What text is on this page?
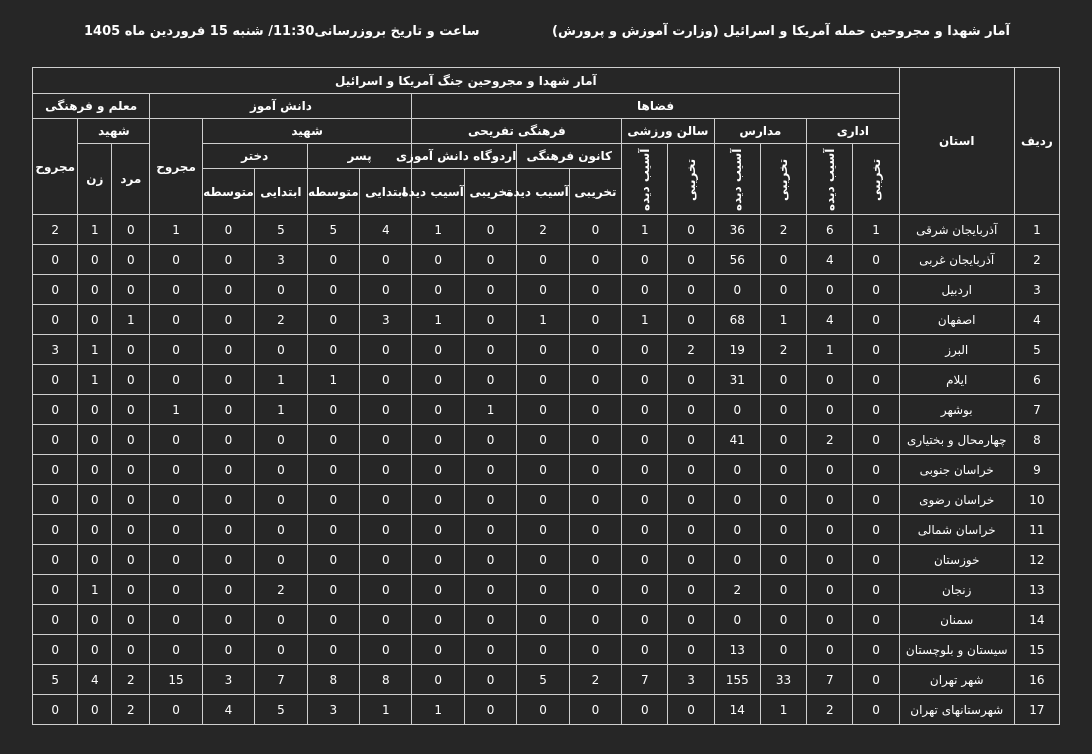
آمار شهدا و مجروحین حمله آمریکا و اسرائیل (وزارت آموزش و پرورش)
ساعت و تاریخ بروزرسانی11:30/ شنبه 15 فروردین ماه 1405
ردیف	استان	آمار شهدا و مجروحین جنگ آمریکا و اسرائیل																	
		فضاها										دانش آموز					معلم و فرهنگی		
		اداری		مدارس		سالن ورزشی		فرهنگی تفریحی				شهید				مجروح	شهید		مجروح
		تخریبی	آسیب دیده	تخریبی	آسیب دیده	تخریبی	آسیب دیده	کانون فرهنگی		اردوگاه دانش آموزی		پسر		دختر			مرد	زن	
								تخریبی	آسیب دیده	تخریبی	آسیب دیده	ابتدایی	متوسطه	ابتدایی	متوسطه				
1	آذربایجان شرقی	1	6	2	36	0	1	0	2	0	1	4	5	5	0	1	0	1	2
2	آذربایجان غربی	0	4	0	56	0	0	0	0	0	0	0	0	3	0	0	0	0	0
3	اردبیل	0	0	0	0	0	0	0	0	0	0	0	0	0	0	0	0	0	0
4	اصفهان	0	4	1	68	0	1	0	1	0	1	3	0	2	0	0	1	0	0
5	البرز	0	1	2	19	2	0	0	0	0	0	0	0	0	0	0	0	1	3
6	ایلام	0	0	0	31	0	0	0	0	0	0	0	1	1	0	0	0	1	0
7	بوشهر	0	0	0	0	0	0	0	0	1	0	0	0	1	0	1	0	0	0
8	چهارمحال و بختیاری	0	2	0	41	0	0	0	0	0	0	0	0	0	0	0	0	0	0
9	خراسان جنوبی	0	0	0	0	0	0	0	0	0	0	0	0	0	0	0	0	0	0
10	خراسان رضوی	0	0	0	0	0	0	0	0	0	0	0	0	0	0	0	0	0	0
11	خراسان شمالی	0	0	0	0	0	0	0	0	0	0	0	0	0	0	0	0	0	0
12	خوزستان	0	0	0	0	0	0	0	0	0	0	0	0	0	0	0	0	0	0
13	زنجان	0	0	0	2	0	0	0	0	0	0	0	0	2	0	0	0	1	0
14	سمنان	0	0	0	0	0	0	0	0	0	0	0	0	0	0	0	0	0	0
15	سیستان و بلوچستان	0	0	0	13	0	0	0	0	0	0	0	0	0	0	0	0	0	0
16	شهر تهران	0	7	33	155	3	7	2	5	0	0	8	8	7	3	15	2	4	5
17	شهرستانهای تهران	0	2	1	14	0	0	0	0	0	1	1	3	5	4	0	2	0	0
